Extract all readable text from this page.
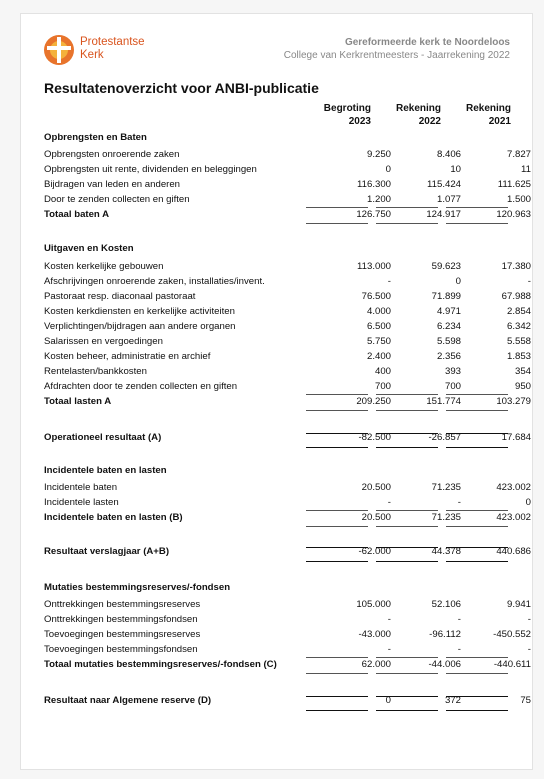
Protestantse
Kerk
Gereformeerde kerk te Noordeloos
College van Kerkrentmeesters - Jaarrekening 2022
Resultatenoverzicht voor ANBI-publicatie
Begroting
2023
Rekening
2022
Rekening
2021
Opbrengsten en Baten
Opbrengsten onroerende zaken	9.250	8.406	7.827
Opbrengsten uit rente, dividenden en beleggingen	0	10	11
Bijdragen van leden en anderen	116.300	115.424	111.625
Door te zenden collecten en giften	1.200	1.077	1.500
Totaal baten A	126.750	124.917	120.963
Uitgaven en Kosten
Kosten kerkelijke gebouwen	113.000	59.623	17.380
Afschrijvingen onroerende zaken, installaties/invent.	-	0	-
Pastoraat resp. diaconaal pastoraat	76.500	71.899	67.988
Kosten kerkdiensten en kerkelijke activiteiten	4.000	4.971	2.854
Verplichtingen/bijdragen aan andere organen	6.500	6.234	6.342
Salarissen en vergoedingen	5.750	5.598	5.558
Kosten beheer, administratie en archief	2.400	2.356	1.853
Rentelasten/bankkosten	400	393	354
Afdrachten door te zenden collecten en giften	700	700	950
Totaal lasten A	209.250	151.774	103.279
Operationeel resultaat (A)	-82.500	-26.857	17.684
Incidentele baten en lasten
Incidentele baten	20.500	71.235	423.002
Incidentele lasten	-	-	0
Incidentele baten en lasten (B)	20.500	71.235	423.002
Resultaat verslagjaar (A+B)	-62.000	44.378	440.686
Mutaties bestemmingsreserves/-fondsen
Onttrekkingen bestemmingsreserves	105.000	52.106	9.941
Onttrekkingen bestemmingsfondsen	-	-	-
Toevoegingen bestemmingsreserves	-43.000	-96.112	-450.552
Toevoegingen bestemmingsfondsen	-	-	-
Totaal mutaties bestemmingsreserves/-fondsen (C)	62.000	-44.006	-440.611
Resultaat naar Algemene reserve (D)	0	372	75
